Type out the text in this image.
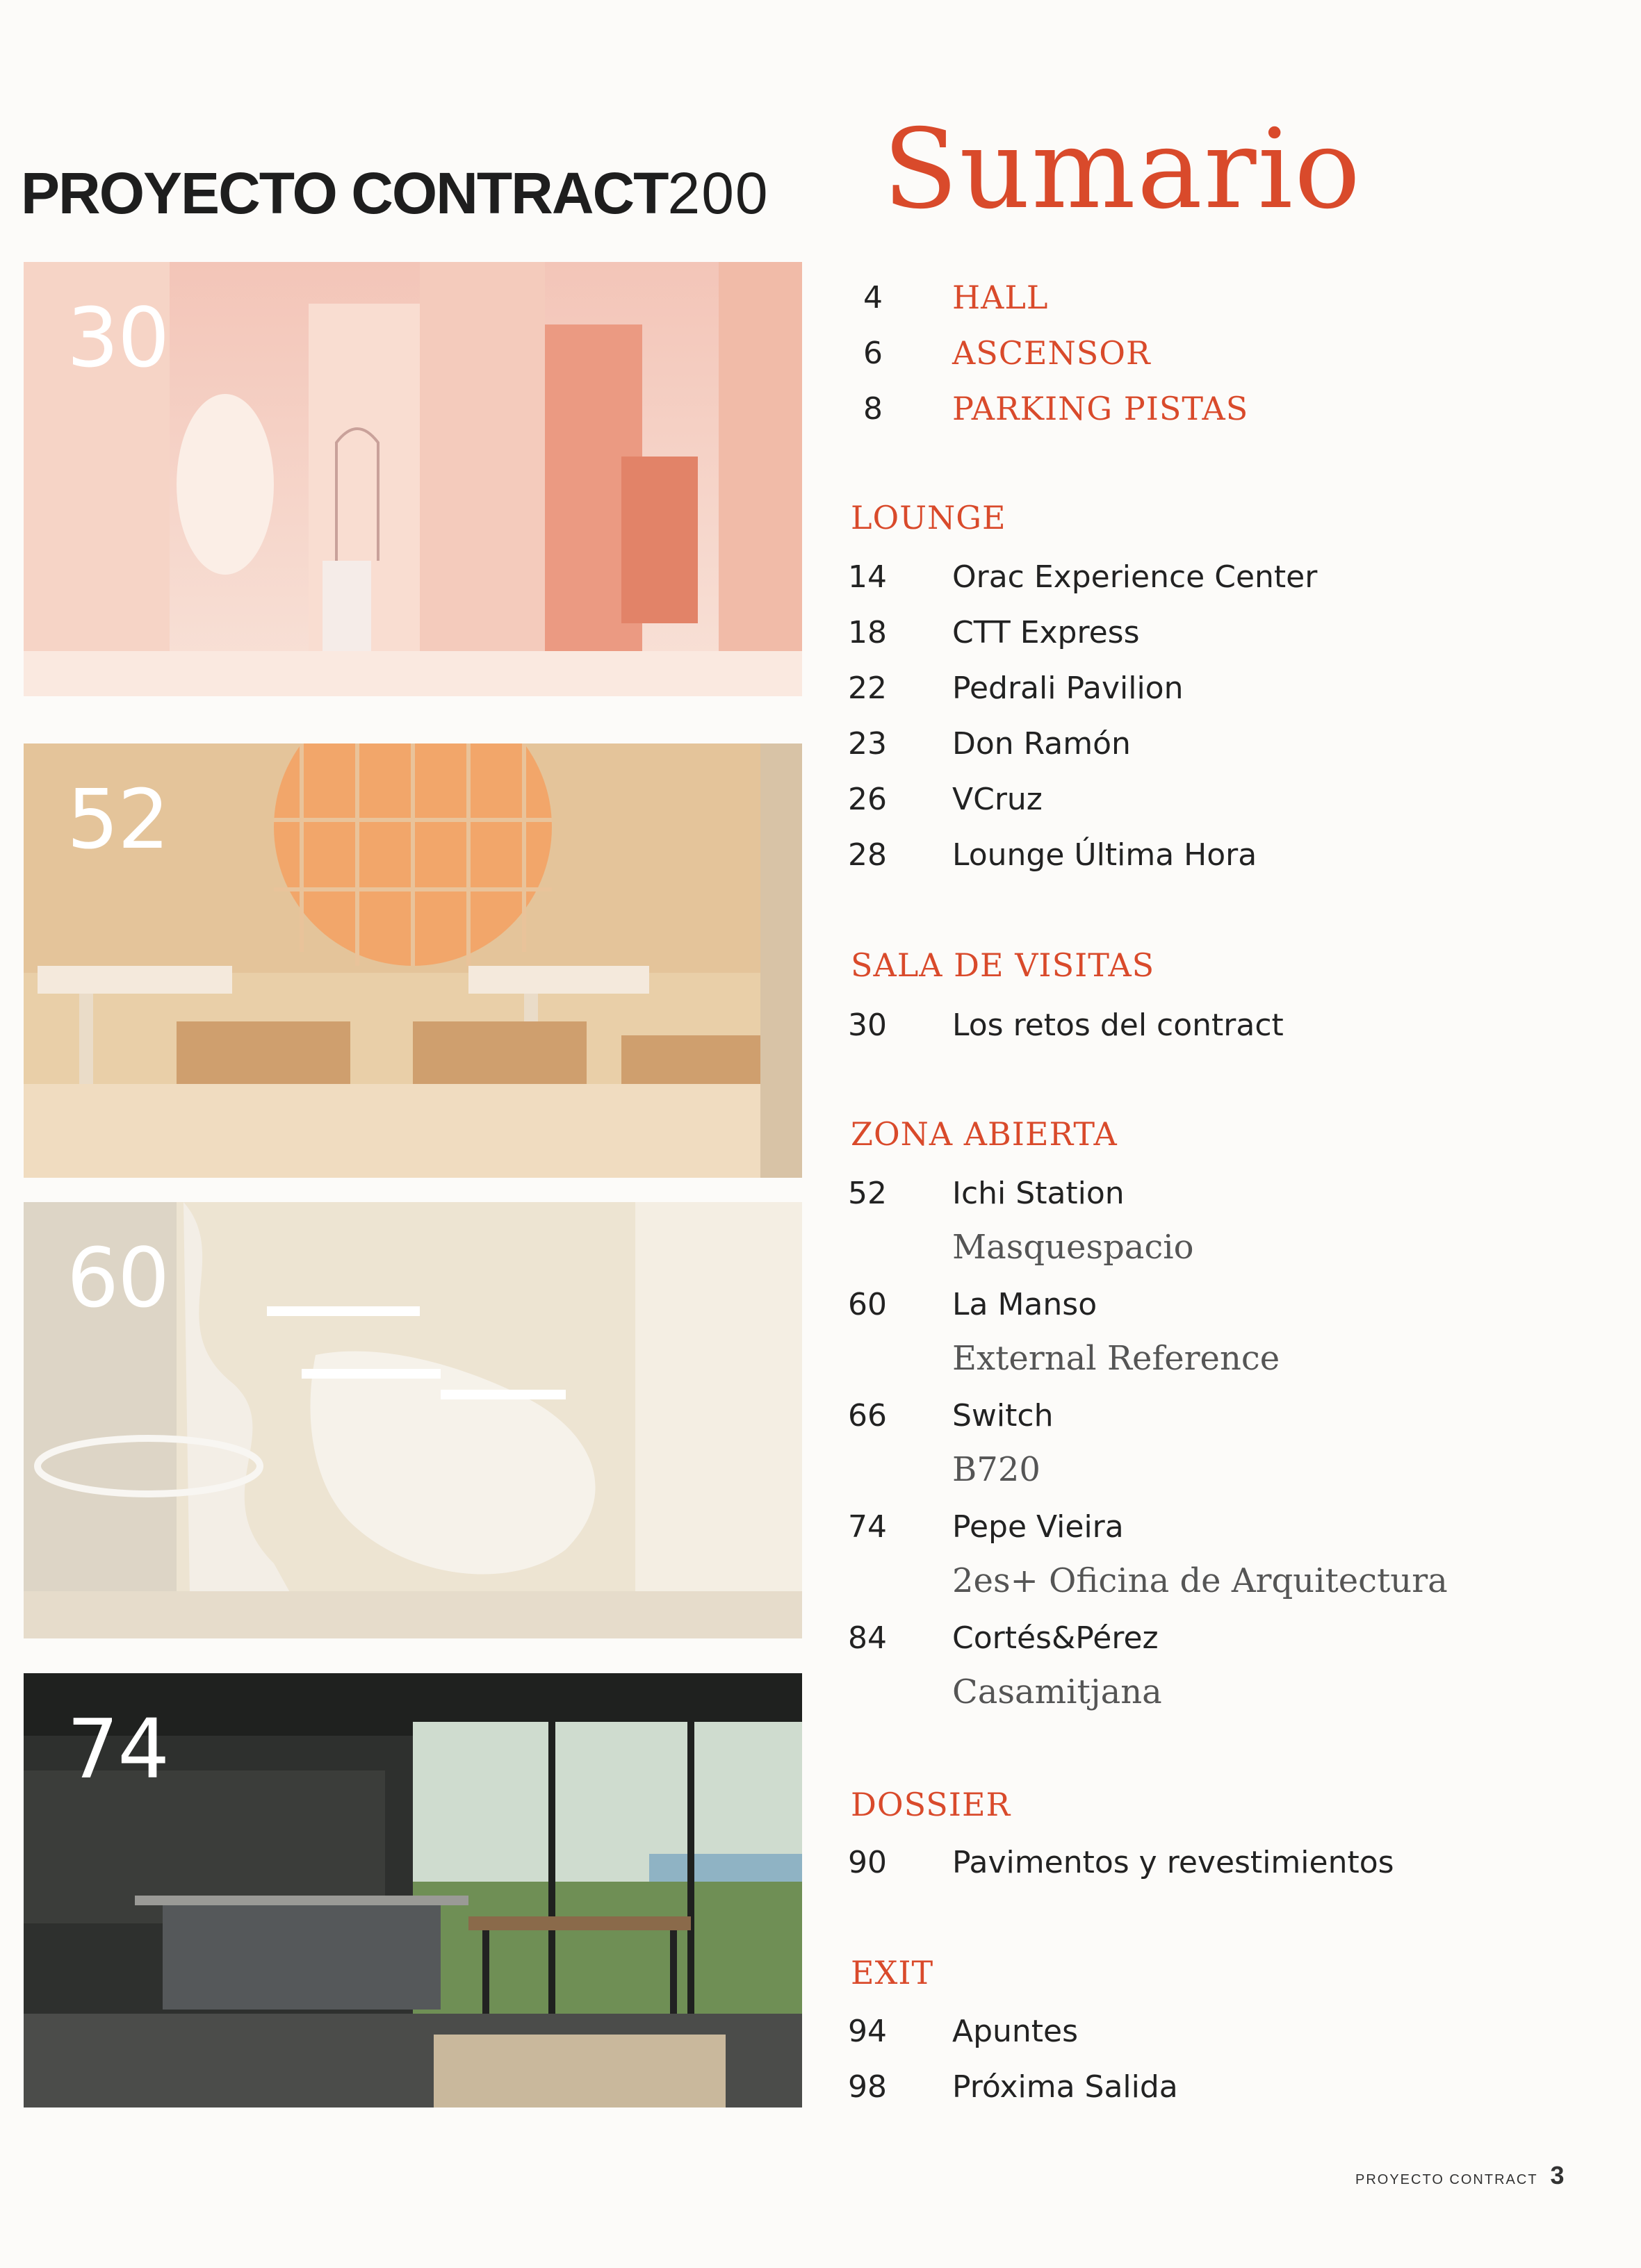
PROYECTO CONTRACT200 Sumario
30
52
60
74
4	HALL
6	ASCENSOR
8	PARKING PISTAS
LOUNGE
14	Orac Experience Center
18	CTT Express
22	Pedrali Pavilion
23	Don Ramón
26	VCruz
28	Lounge Última Hora
SALA DE VISITAS
30	Los retos del contract
ZONA ABIERTA
52	Ichi Station
Masquespacio
60	La Manso
External Reference
66	Switch
B720
74	Pepe Vieira
2es+ Oficina de Arquitectura
84	Cortés&Pérez
Casamitjana
DOSSIER
90	Pavimentos y revestimientos
EXIT
94	Apuntes
98	Próxima Salida
PROYECTO CONTRACT 3
